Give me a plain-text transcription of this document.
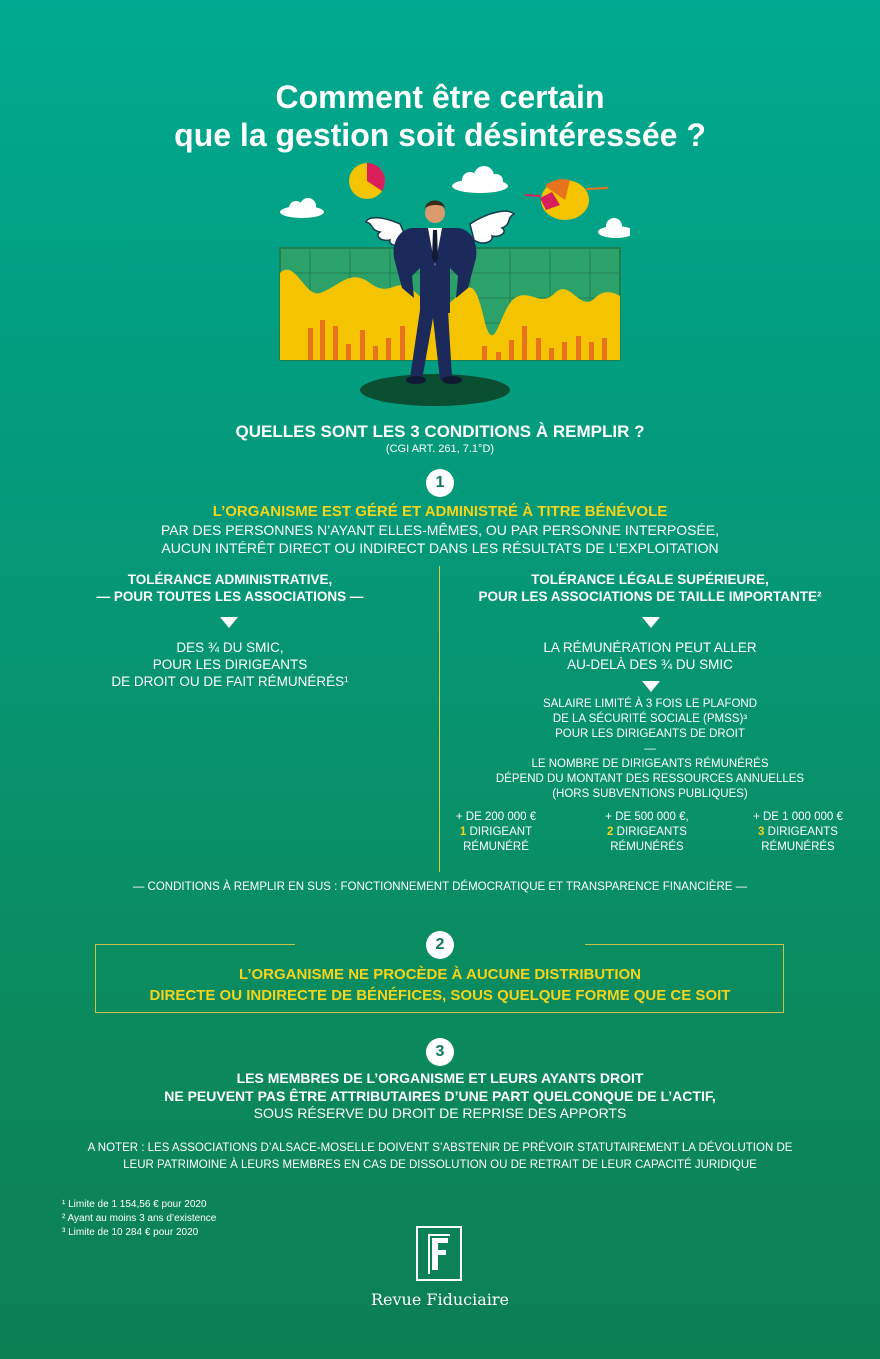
Comment être certain
que la gestion soit désintéressée ?
QUELLES SONT LES 3 CONDITIONS À REMPLIR ?
(CGI ART. 261, 7.1°D)
1
L’ORGANISME EST GÉRÉ ET ADMINISTRÉ À TITRE BÉNÉVOLE
PAR DES PERSONNES N’AYANT ELLES-MÊMES, OU PAR PERSONNE INTERPOSÉE,
AUCUN INTÉRÊT DIRECT OU INDIRECT DANS LES RÉSULTATS DE L’EXPLOITATION
TOLÉRANCE ADMINISTRATIVE,
— POUR TOUTES LES ASSOCIATIONS —
DES ¾ DU SMIC,
POUR LES DIRIGEANTS
DE DROIT OU DE FAIT RÉMUNÉRÉS¹
TOLÉRANCE LÉGALE SUPÉRIEURE,
POUR LES ASSOCIATIONS DE TAILLE IMPORTANTE²
LA RÉMUNÉRATION PEUT ALLER
AU-DELÀ DES ¾ DU SMIC
SALAIRE LIMITÉ À 3 FOIS LE PLAFOND
DE LA SÉCURITÉ SOCIALE (PMSS)³
POUR LES DIRIGEANTS DE DROIT
—
LE NOMBRE DE DIRIGEANTS RÉMUNÉRÉS
DÉPEND DU MONTANT DES RESSOURCES ANNUELLES
(HORS SUBVENTIONS PUBLIQUES)
+ DE 200 000 €
1 DIRIGEANT
RÉMUNÉRÉ
+ DE 500 000 €,
2 DIRIGEANTS
RÉMUNÉRÉS
+ DE 1 000 000 €
3 DIRIGEANTS
RÉMUNÉRÉS
— CONDITIONS À REMPLIR EN SUS : FONCTIONNEMENT DÉMOCRATIQUE ET TRANSPARENCE FINANCIÈRE —
2
L’ORGANISME NE PROCÈDE À AUCUNE DISTRIBUTION
DIRECTE OU INDIRECTE DE BÉNÉFICES, SOUS QUELQUE FORME QUE CE SOIT
3
LES MEMBRES DE L’ORGANISME ET LEURS AYANTS DROIT
NE PEUVENT PAS ÊTRE ATTRIBUTAIRES D’UNE PART QUELCONQUE DE L’ACTIF,
SOUS RÉSERVE DU DROIT DE REPRISE DES APPORTS
A NOTER : LES ASSOCIATIONS D’ALSACE-MOSELLE DOIVENT S’ABSTENIR DE PRÉVOIR STATUTAIREMENT LA DÉVOLUTION DE
LEUR PATRIMOINE À LEURS MEMBRES EN CAS DE DISSOLUTION OU DE RETRAIT DE LEUR CAPACITÉ JURIDIQUE
¹ Limite de 1 154,56 € pour 2020
² Ayant au moins 3 ans d’existence
³ Limite de 10 284 € pour 2020
Revue Fiduciaire
